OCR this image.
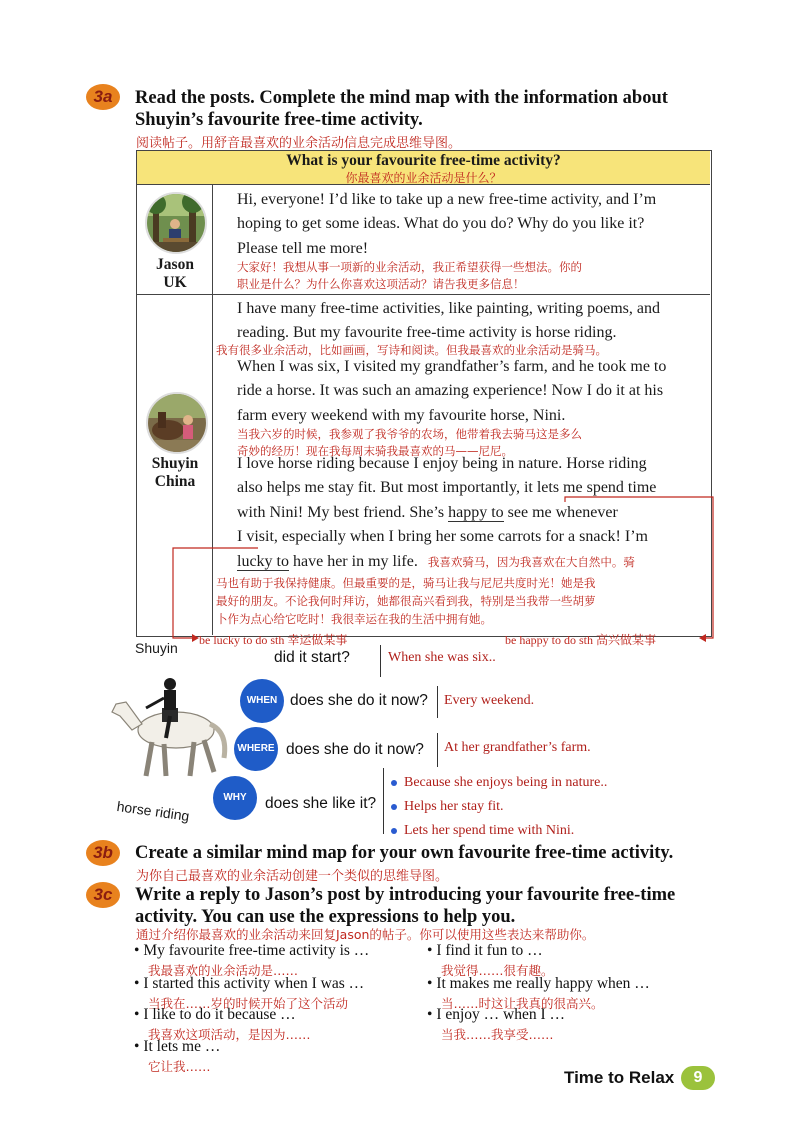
3a	Read the posts. Complete the mind map with the information about
Shuyin’s favourite free-time activity.
阅读帖子。用舒音最喜欢的业余活动信息完成思维导图。
What is your favourite free-time activity?
你最喜欢的业余活动是什么？
Jason
UK
Hi, everyone! I’d like to take up a new free-time activity, and I’m
hoping to get some ideas. What do you do? Why do you like it?
Please tell me more!
大家好！我想从事一项新的业余活动，我正希望获得一些想法。你的
职业是什么？为什么你喜欢这项活动？请告我更多信息！
Shuyin
China
I have many free-time activities, like painting, writing poems, and
reading. But my favourite free-time activity is horse riding.
我有很多业余活动，比如画画，写诗和阅读。但我最喜欢的业余活动是骑马。
When I was six, I visited my grandfather’s farm, and he took me to
ride a horse. It was such an amazing experience! Now I do it at his
farm every weekend with my favourite horse, Nini.
当我六岁的时候，我参观了我爷爷的农场，他带着我去骑马这是多么
奇妙的经历！现在我每周末骑我最喜欢的马——尼尼。
I love horse riding because I enjoy being in nature. Horse riding
also helps me stay fit. But most importantly, it lets me spend time
with Nini! My best friend. She’s happy to see me whenever
I visit, especially when I bring her some carrots for a snack! I’m
lucky to have her in my life. 我喜欢骑马，因为我喜欢在大自然中。骑
马也有助于我保持健康。但最重要的是，骑马让我与尼尼共度时光！她是我
最好的朋友。不论我何时拜访，她都很高兴看到我，特别是当我带一些胡萝
卜作为点心给它吃时！我很幸运在我的生活中拥有她。
be lucky to do sth 幸运做某事	be happy to do sth 高兴做某事
Shuyin
horse riding
did it start?	When she was six..
WHEN does she do it now? Every weekend.
WHERE does she do it now? At her grandfather’s farm.
WHY	does she like it?
Because she enjoys being in nature..
Helps her stay fit.
Lets her spend time with Nini.
3b	Create a similar mind map for your own favourite free-time activity.
为你自己最喜欢的业余活动创建一个类似的思维导图。
3c	Write a reply to Jason’s post by introducing your favourite free-time
activity. You can use the expressions to help you.
通过介绍你最喜欢的业余活动来回复Jason的帖子。你可以使用这些表达来帮助你。
• My favourite free-time activity is …
我最喜欢的业余活动是……
• I started this activity when I was …
当我在……岁的时候开始了这个活动
• I like to do it because …
我喜欢这项活动，是因为……
• It lets me …
它让我……
• I find it fun to …
我觉得……很有趣。
• It makes me really happy when …
当……时这让我真的很高兴。
• I enjoy … when I …
当我……我享受……
Time to Relax	9
